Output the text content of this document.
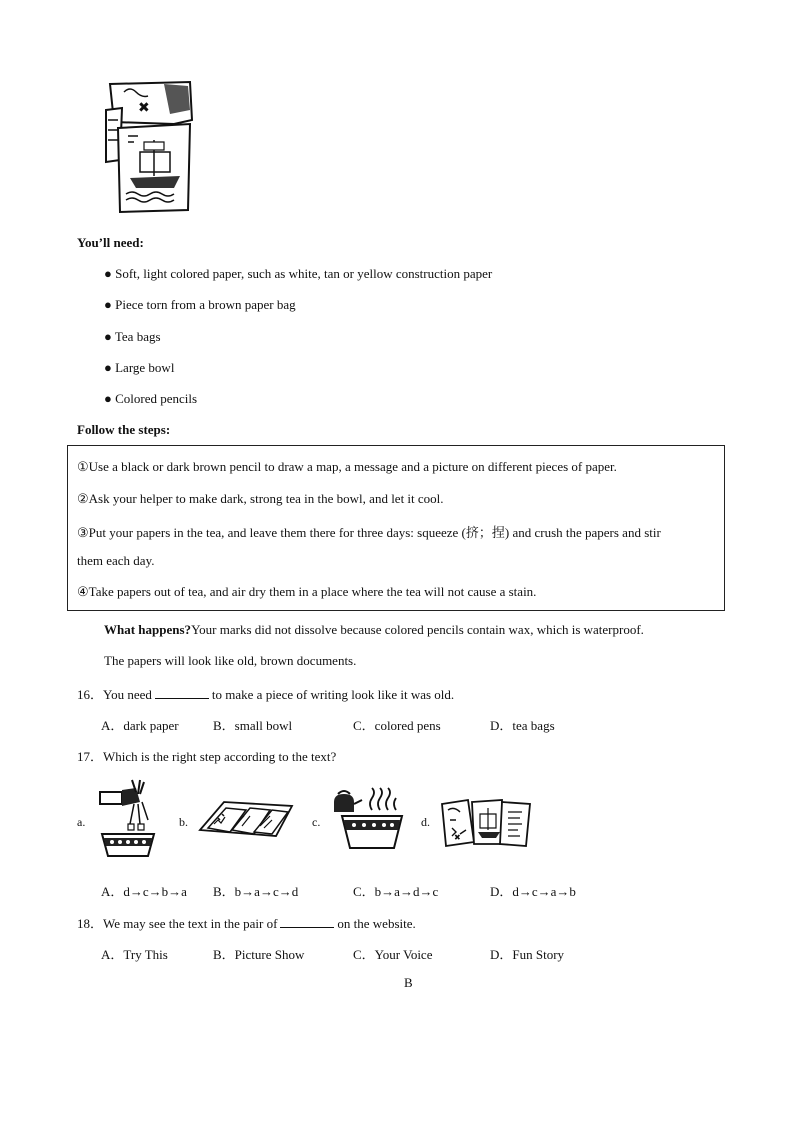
✖
You’ll need:
● Soft, light colored paper, such as white, tan or yellow construction paper
● Piece torn from a brown paper bag
● Tea bags
● Large bowl
● Colored pencils
Follow the steps:
①Use a black or dark brown pencil to draw a map, a message and a picture on different pieces of paper.
②Ask your helper to make dark, strong tea in the bowl, and let it cool.
③Put your papers in the tea, and leave them there for three days: squeeze (挤；捏) and crush the papers and stir
them each day.
④Take papers out of tea, and air dry them in a place where the tea will not cause a stain.
What happens?Your marks did not dissolve because colored pencils contain wax, which is waterproof.
The papers will look like old, brown documents.
16．You need	to make a piece of writing look like it was old.
A．dark paper	B．small bowl	C．colored pens	D．tea bags
17．Which is the right step according to the text?
a.	b.	c.	d.
✖
A．d→c→b→a B．b→a→c→d	C．b→a→d→c	D．d→c→a→b
18．We may see the text in the pair of	on the website.
A．Try This	B．Picture Show	C．Your Voice	D．Fun Story
B
